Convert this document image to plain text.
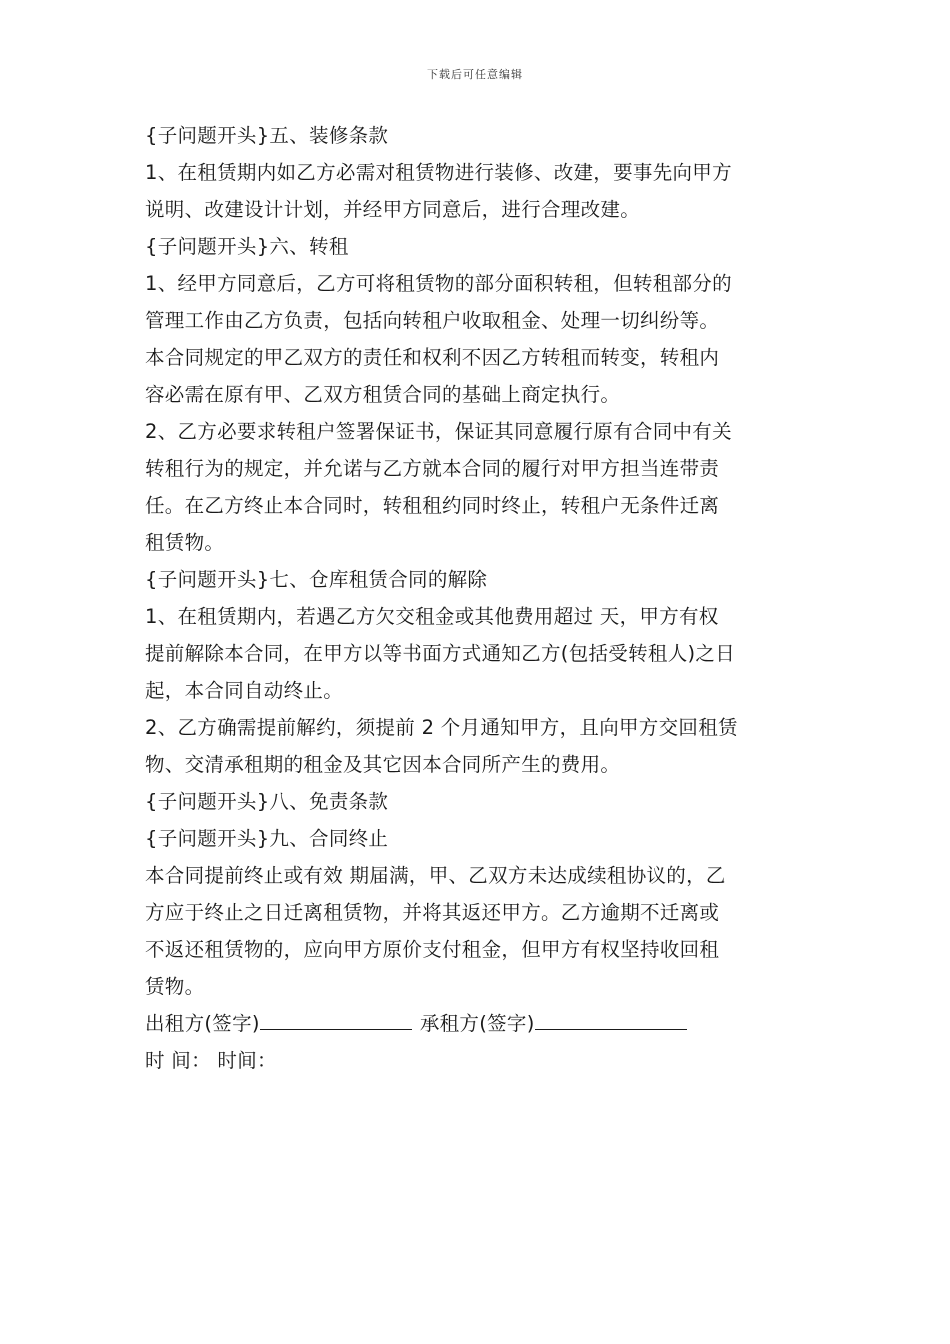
下载后可任意编辑
{子问题开头}五、装修条款
1、在租赁期内如乙方必需对租赁物进行装修、改建，要事先向甲方
说明、改建设计计划，并经甲方同意后，进行合理改建。
{子问题开头}六、转租
1、经甲方同意后，乙方可将租赁物的部分面积转租，但转租部分的
管理工作由乙方负责，包括向转租户收取租金、处理一切纠纷等。
本合同规定的甲乙双方的责任和权利不因乙方转租而转变，转租内
容必需在原有甲、乙双方租赁合同的基础上商定执行。
2、乙方必要求转租户签署保证书，保证其同意履行原有合同中有关
转租行为的规定，并允诺与乙方就本合同的履行对甲方担当连带责
任。在乙方终止本合同时，转租租约同时终止，转租户无条件迁离
租赁物。
{子问题开头}七、仓库租赁合同的解除
1、在租赁期内，若遇乙方欠交租金或其他费用超过 天，甲方有权
提前解除本合同，在甲方以等书面方式通知乙方(包括受转租人)之日
起，本合同自动终止。
2、乙方确需提前解约，须提前 2 个月通知甲方，且向甲方交回租赁
物、交清承租期的租金及其它因本合同所产生的费用。
{子问题开头}八、免责条款
{子问题开头}九、合同终止
本合同提前终止或有效 期届满，甲、乙双方未达成续租协议的，乙
方应于终止之日迁离租赁物，并将其返还甲方。乙方逾期不迁离或
不返还租赁物的，应向甲方原价支付租金，但甲方有权坚持收回租
赁物。
出租方(签字)	承租方(签字)
时 间： 时间：
